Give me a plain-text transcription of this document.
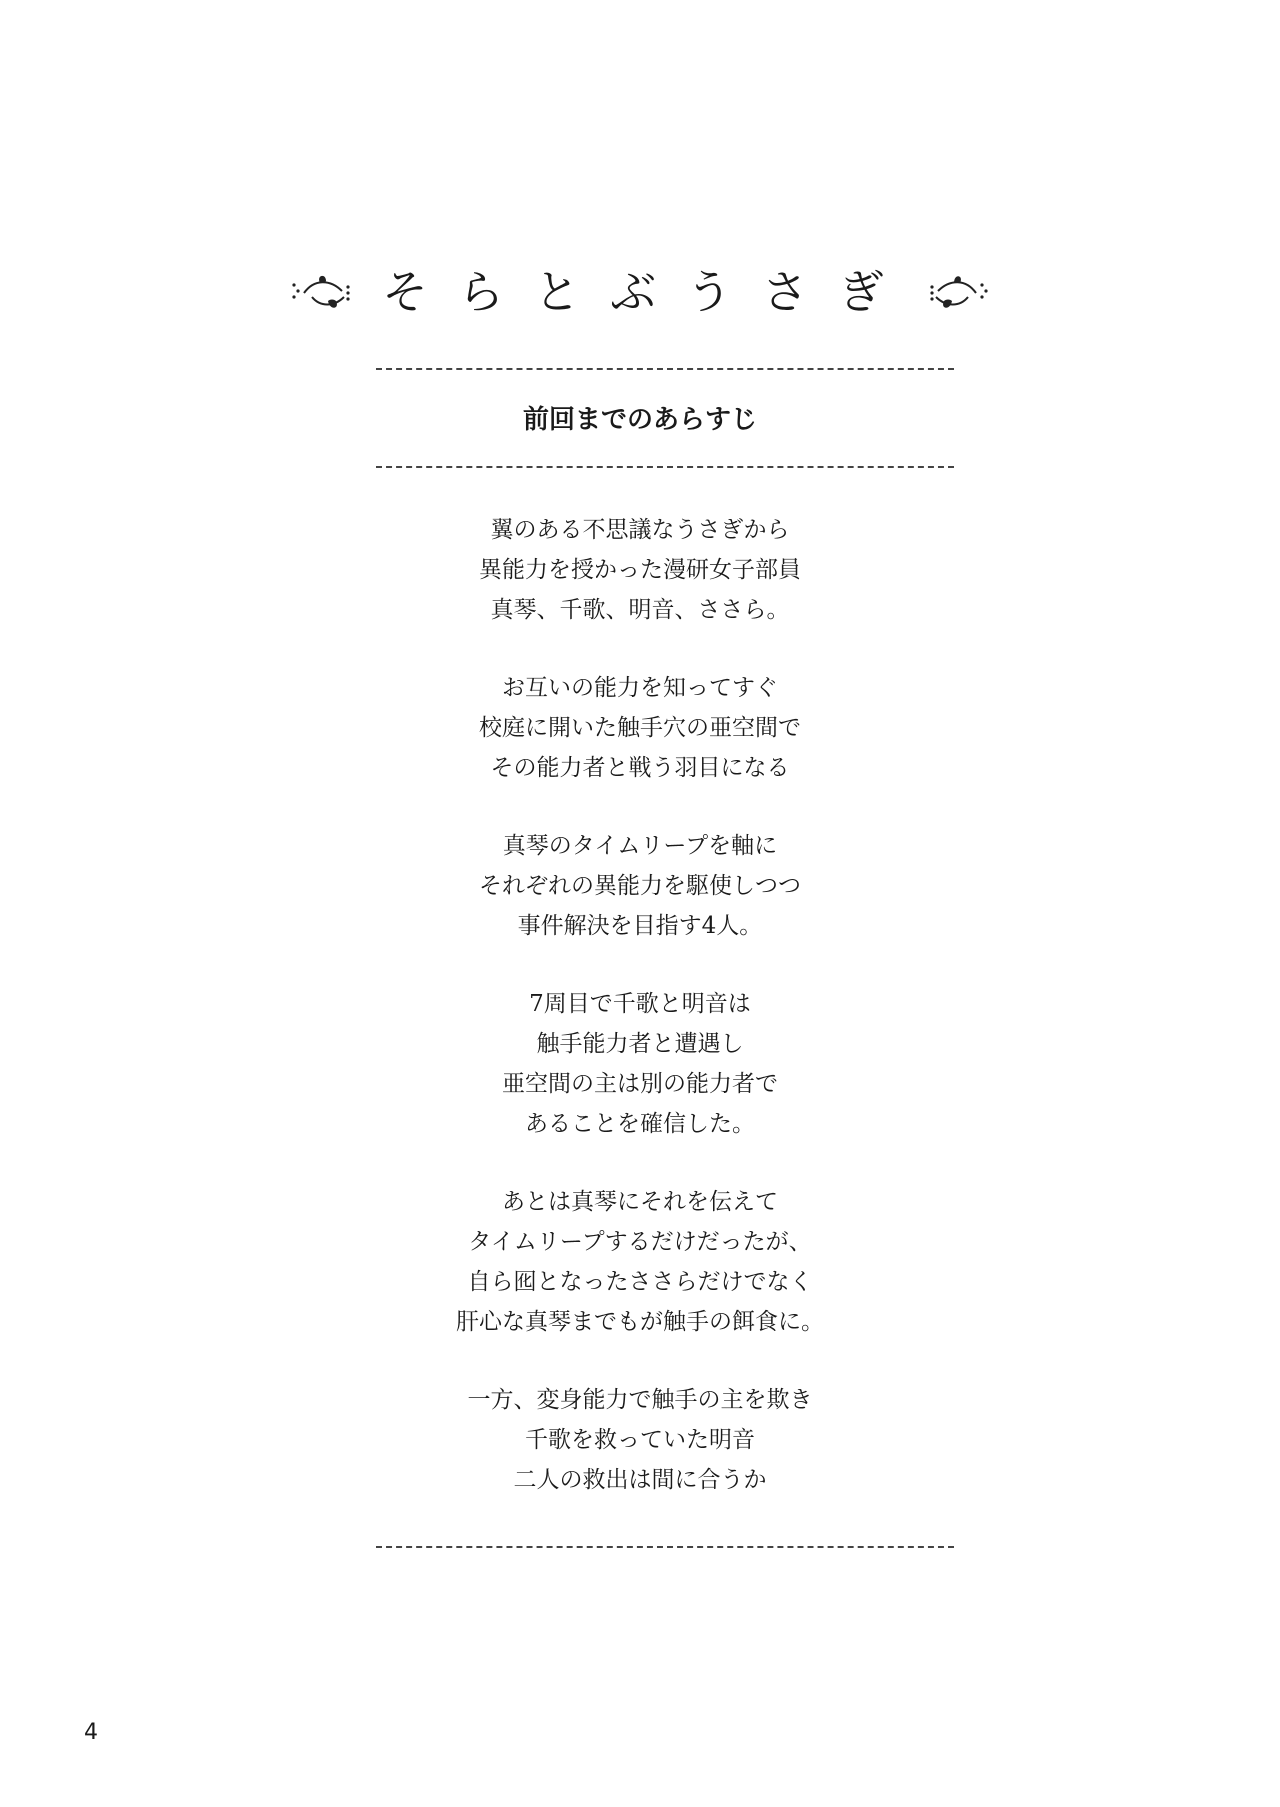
そらとぶうさぎ
前回までのあらすじ

翼のある不思議なうさぎから
異能力を授かった漫研女子部員
真琴、千歌、明音、ささら。

お互いの能力を知ってすぐ
校庭に開いた触手穴の亜空間で
その能力者と戦う羽目になる

真琴のタイムリープを軸に
それぞれの異能力を駆使しつつ
事件解決を目指す4人。

7周目で千歌と明音は
触手能力者と遭遇し
亜空間の主は別の能力者で
あることを確信した。

あとは真琴にそれを伝えて
タイムリープするだけだったが、
自ら囮となったささらだけでなく
肝心な真琴までもが触手の餌食に。

一方、変身能力で触手の主を欺き
千歌を救っていた明音
二人の救出は間に合うか

4
